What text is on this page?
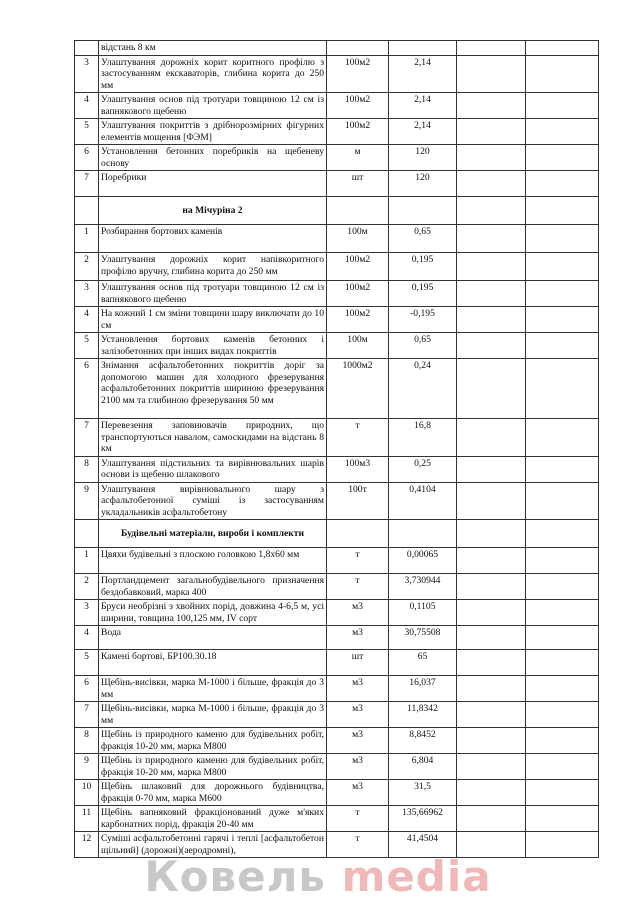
	відстань 8 км				
3	Улаштування дорожніх корит коритного профілю з застосуванням екскаваторів, глибина корита до 250 мм	100м2	2,14		
4	Улаштування основ під тротуари товщиною 12 см із вапнякового щебеню	100м2	2,14		
5	Улаштування покриттів з дрібнорозмірних фігурних елементів мощення [ФЭМ]	100м2	2,14		
6	Установлення бетонних поребриків на щебеневу основу	м	120		
7	Поребрики	шт	120		
	на Мічуріна 2				
1	Розбирання бортових каменів	100м	0,65		
2	Улаштування дорожніх корит напівкоритного профілю вручну, глибина корита до 250 мм	100м2	0,195		
3	Улаштування основ під тротуари товщиною 12 см із вапнякового щебеню	100м2	0,195		
4	На кожний 1 см зміни товщини шару виключати до 10 см	100м2	-0,195		
5	Установлення бортових каменів бетонних і залізобетонних при інших видах покриттів	100м	0,65		
6	Знімання асфальтобетонних покриттів доріг за допомогою машин для холодного фрезерування асфальтобетонних покриттів шириною фрезерування 2100 мм та глибиною фрезерування 50 мм	1000м2	0,24		
7	Перевезення заповнювачів природних, що транспортуються навалом, самоскидами на відстань 8 км	т	16,8		
8	Улаштування підстильних та вирівнювальних шарів основи із щебеню шлакового	100м3	0,25		
9	Улаштування вирівнювального шару з асфальтобетонної суміші із застосуванням укладальників асфальтобетону	100т	0,4104		
	Будівельні матеріали, вироби і комплекти				
1	Цвяхи будівельні з плоскою головкою 1,8х60 мм	т	0,00065		
2	Портландцемент загальнобудівельного призначення бездобавковий, марка 400	т	3,730944		
3	Бруси необрізні з хвойних порід, довжина 4-6,5 м, усі ширини, товщина 100,125 мм, IV сорт	м3	0,1105		
4	Вода	м3	30,75508		
5	Камені бортові, БР100.30.18	шт	65		
6	Щебінь-висівки, марка М-1000 і більше, фракція до 3 мм	м3	16,037		
7	Щебінь-висівки, марка М-1000 і більше, фракція до 3 мм	м3	11,8342		
8	Щебінь із природного каменю для будівельних робіт, фракція 10-20 мм, марка М800	м3	8,8452		
9	Щебінь із природного каменю для будівельних робіт, фракція 10-20 мм, марка М800	м3	6,804		
10	Щебінь шлаковий для дорожнього будівництва, фракція 0-70 мм, марка М600	м3	31,5		
11	Щебінь вапняковий фракціонований дуже м'яких карбонатних порід, фракція 20-40 мм	т	135,66962		
12	Суміші асфальтобетонні гарячі і теплі [асфальтобетон щільний] (дорожні)(аеродромні),	т	41,4504		
Ковель media
